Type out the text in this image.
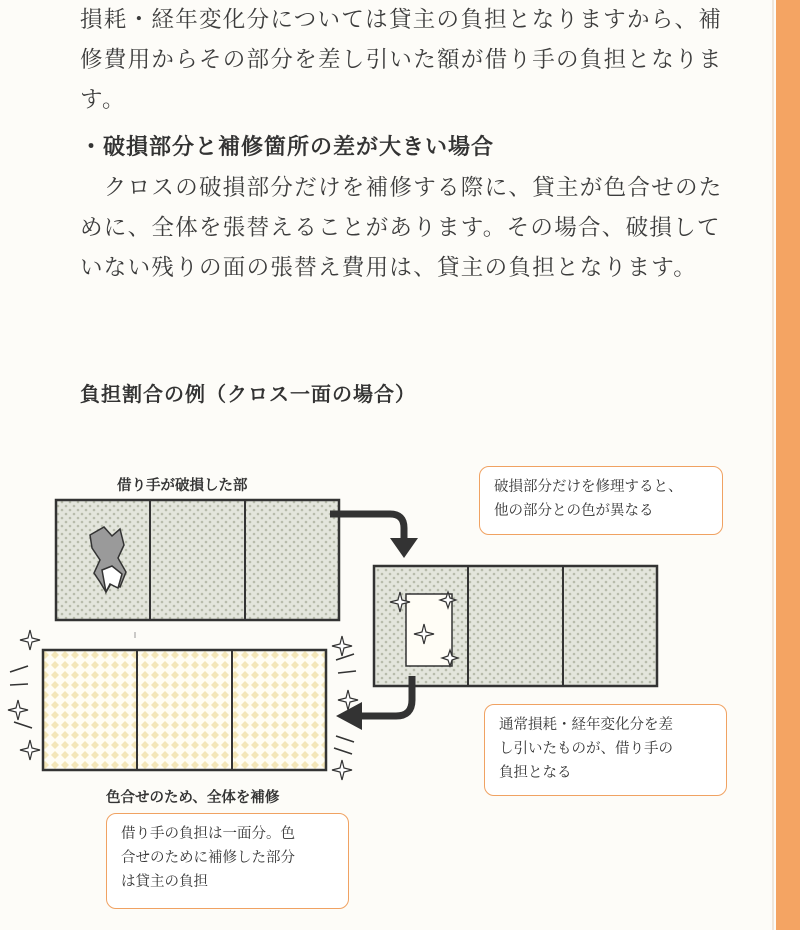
損耗・経年変化分については貸主の負担となりますから、補
修費用からその部分を差し引いた額が借り手の負担となりま
す。
・破損部分と補修箇所の差が大きい場合
　クロスの破損部分だけを補修する際に、貸主が色合せのた
めに、全体を張替えることがあります。その場合、破損して
いない残りの面の張替え費用は、貸主の負担となります。
負担割合の例（クロス一面の場合）
借り手が破損した部
色合せのため、全体を補修
破損部分だけを修理すると、
他の部分との色が異なる
通常損耗・経年変化分を差
し引いたものが、借り手の
負担となる
借り手の負担は一面分。色
合せのために補修した部分
は貸主の負担
